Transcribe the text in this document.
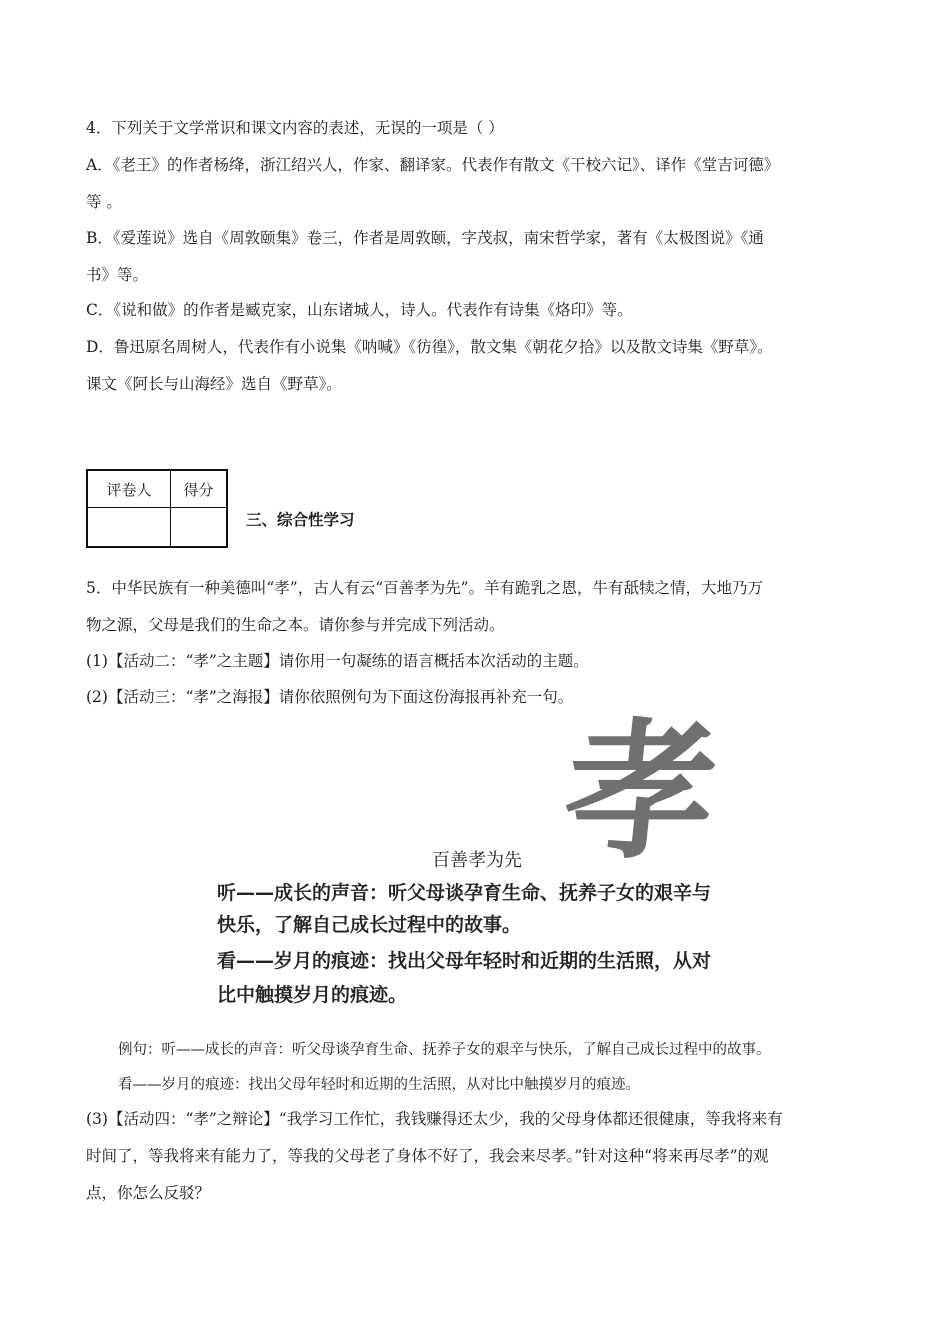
4．下列关于文学常识和课文内容的表述，无误的一项是（ ）
A．《老王》的作者杨绛，浙江绍兴人，作家、翻译家。代表作有散文《干校六记》、译作《堂吉诃德》
等 。
B．《爱莲说》选自《周敦颐集》卷三，作者是周敦颐，字茂叔，南宋哲学家，著有《太极图说》《通
书》等。
C．《说和做》的作者是臧克家，山东诸城人，诗人。代表作有诗集《烙印》等。
D．鲁迅原名周树人，代表作有小说集《呐喊》《彷徨》，散文集《朝花夕拾》以及散文诗集《野草》。
课文《阿长与山海经》选自《野草》。
评卷人	得分

三、综合性学习
5．中华民族有一种美德叫“孝”，古人有云“百善孝为先”。羊有跪乳之恩，牛有舐犊之情，大地乃万
物之源，父母是我们的生命之本。请你参与并完成下列活动。
(1)【活动二：“孝”之主题】请你用一句凝练的语言概括本次活动的主题。
(2)【活动三：“孝”之海报】请你依照例句为下面这份海报再补充一句。
孝
百善孝为先
听——成长的声音：听父母谈孕育生命、抚养子女的艰辛与
快乐，了解自己成长过程中的故事。
看——岁月的痕迹：找出父母年轻时和近期的生活照，从对
比中触摸岁月的痕迹。
例句：听——成长的声音：听父母谈孕育生命、抚养子女的艰辛与快乐，了解自己成长过程中的故事。
看——岁月的痕迹：找出父母年轻时和近期的生活照，从对比中触摸岁月的痕迹。
(3)【活动四：“孝”之辩论】“我学习工作忙，我钱赚得还太少，我的父母身体都还很健康，等我将来有
时间了，等我将来有能力了，等我的父母老了身体不好了，我会来尽孝。”针对这种“将来再尽孝”的观
点，你怎么反驳？
